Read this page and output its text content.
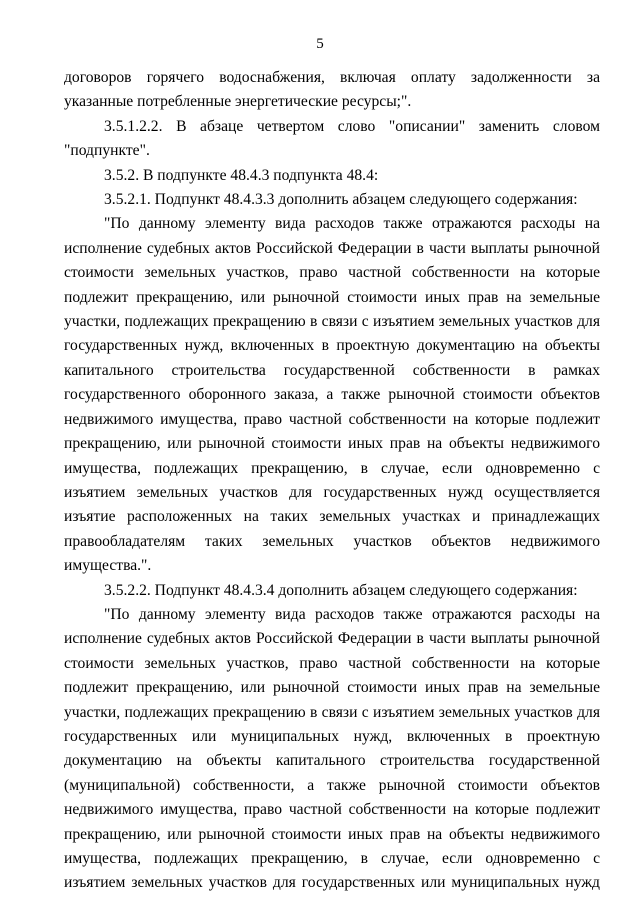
5

договоров горячего водоснабжения, включая оплату задолженности за указанные потребленные энергетические ресурсы;".

3.5.1.2.2. В абзаце четвертом слово "описании" заменить словом "подпункте".

3.5.2. В подпункте 48.4.3 подпункта 48.4:

3.5.2.1. Подпункт 48.4.3.3 дополнить абзацем следующего содержания:

"По данному элементу вида расходов также отражаются расходы на исполнение судебных актов Российской Федерации в части выплаты рыночной стоимости земельных участков, право частной собственности на которые подлежит прекращению, или рыночной стоимости иных прав на земельные участки, подлежащих прекращению в связи с изъятием земельных участков для государственных нужд, включенных в проектную документацию на объекты капитального строительства государственной собственности в рамках государственного оборонного заказа, а также рыночной стоимости объектов недвижимого имущества, право частной собственности на которые подлежит прекращению, или рыночной стоимости иных прав на объекты недвижимого имущества, подлежащих прекращению, в случае, если одновременно с изъятием земельных участков для государственных нужд осуществляется изъятие расположенных на таких земельных участках и принадлежащих правообладателям таких земельных участков объектов недвижимого имущества.".

3.5.2.2. Подпункт 48.4.3.4 дополнить абзацем следующего содержания:

"По данному элементу вида расходов также отражаются расходы на исполнение судебных актов Российской Федерации в части выплаты рыночной стоимости земельных участков, право частной собственности на которые подлежит прекращению, или рыночной стоимости иных прав на земельные участки, подлежащих прекращению в связи с изъятием земельных участков для государственных или муниципальных нужд, включенных в проектную документацию на объекты капитального строительства государственной (муниципальной) собственности, а также рыночной стоимости объектов недвижимого имущества, право частной собственности на которые подлежит прекращению, или рыночной стоимости иных прав на объекты недвижимого имущества, подлежащих прекращению, в случае, если одновременно с изъятием земельных участков для государственных или муниципальных нужд
